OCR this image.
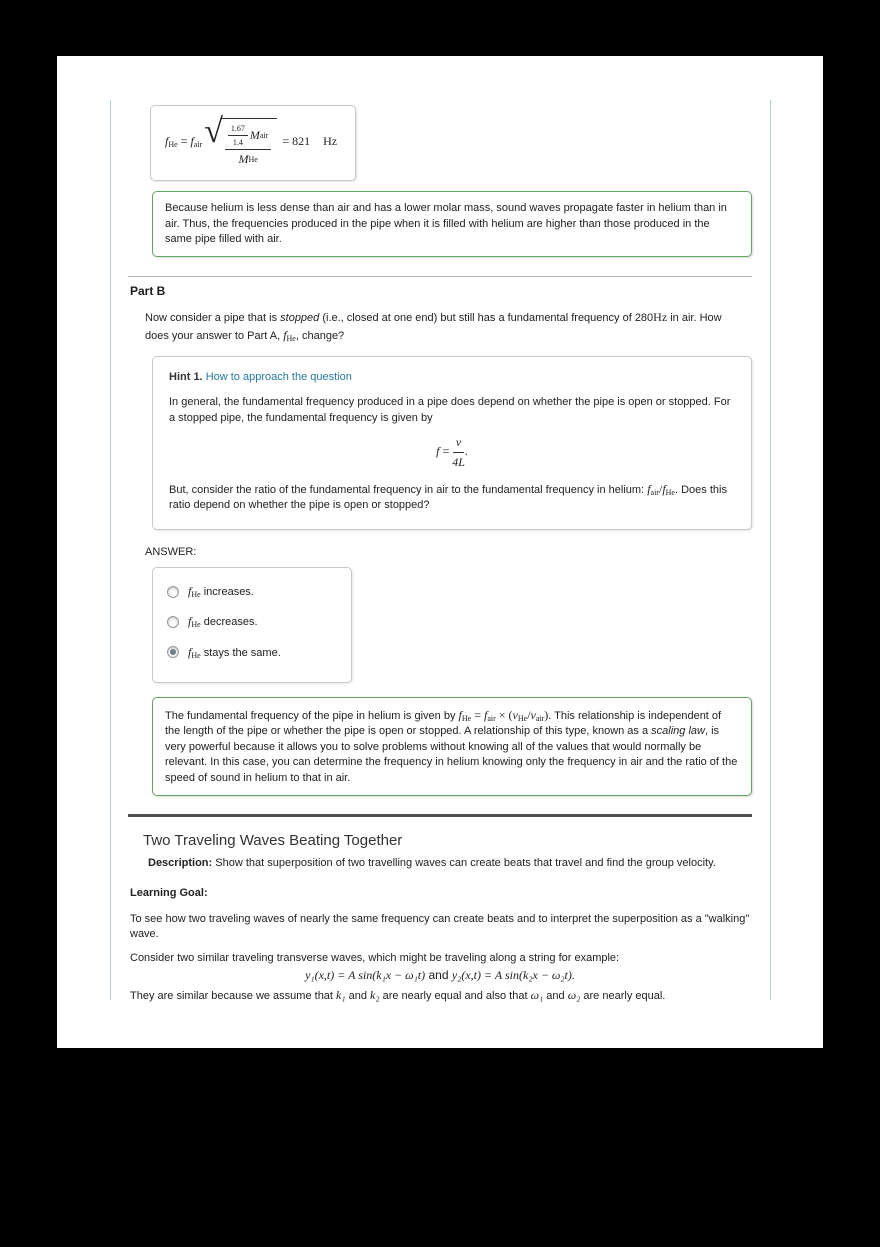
fHe = fair √ $\frac{\frac{1.67}{1.4} M air}{\text{M He}} = 821$ Hz
Because helium is less dense than air and has a lower molar mass, sound waves propagate faster in helium than in air. Thus, the frequencies produced in the pipe when it is filled with helium are higher than those produced in the same pipe filled with air.
Part B

Now consider a pipe that is stopped (i.e., closed at one end) but still has a fundamental frequency of 280Hz in air. How does your answer to Part A, fHe, change?

Hint 1. How to approach the question

In general, the fundamental frequency produced in a pipe does depend on whether the pipe is open or stopped. For a stopped pipe, the fundamental frequency is given by

$f = \frac{v}{4L}$ .

But, consider the ratio of the fundamental frequency in air to the fundamental frequency in helium: fair/fHe. Does this ratio depend on whether the pipe is open or stopped?

ANSWER:
fHe increases.
fHe decreases.
fHe stays the same.
The fundamental frequency of the pipe in helium is given by fHe = fair × (vHe/vair). This relationship is independent of the length of the pipe or whether the pipe is open or stopped. A relationship of this type, known as a scaling law, is very powerful because it allows you to solve problems without knowing all of the values that would normally be relevant. In this case, you can determine the frequency in helium knowing only the frequency in air and the ratio of the speed of sound in helium to that in air.
Two Traveling Waves Beating Together

Description: Show that superposition of two travelling waves can create beats that travel and find the group velocity.

Learning Goal:

To see how two traveling waves of nearly the same frequency can create beats and to interpret the superposition as a "walking" wave.

Consider two similar traveling transverse waves, which might be traveling along a string for example:

y₁(x,t) = A sin(k₁x − ω₁t) and y₂(x,t) = A sin(k₂x − ω₂t).

They are similar because we assume that k₁ and k₂ are nearly equal and also that ω₁ and ω₂ are nearly equal.
